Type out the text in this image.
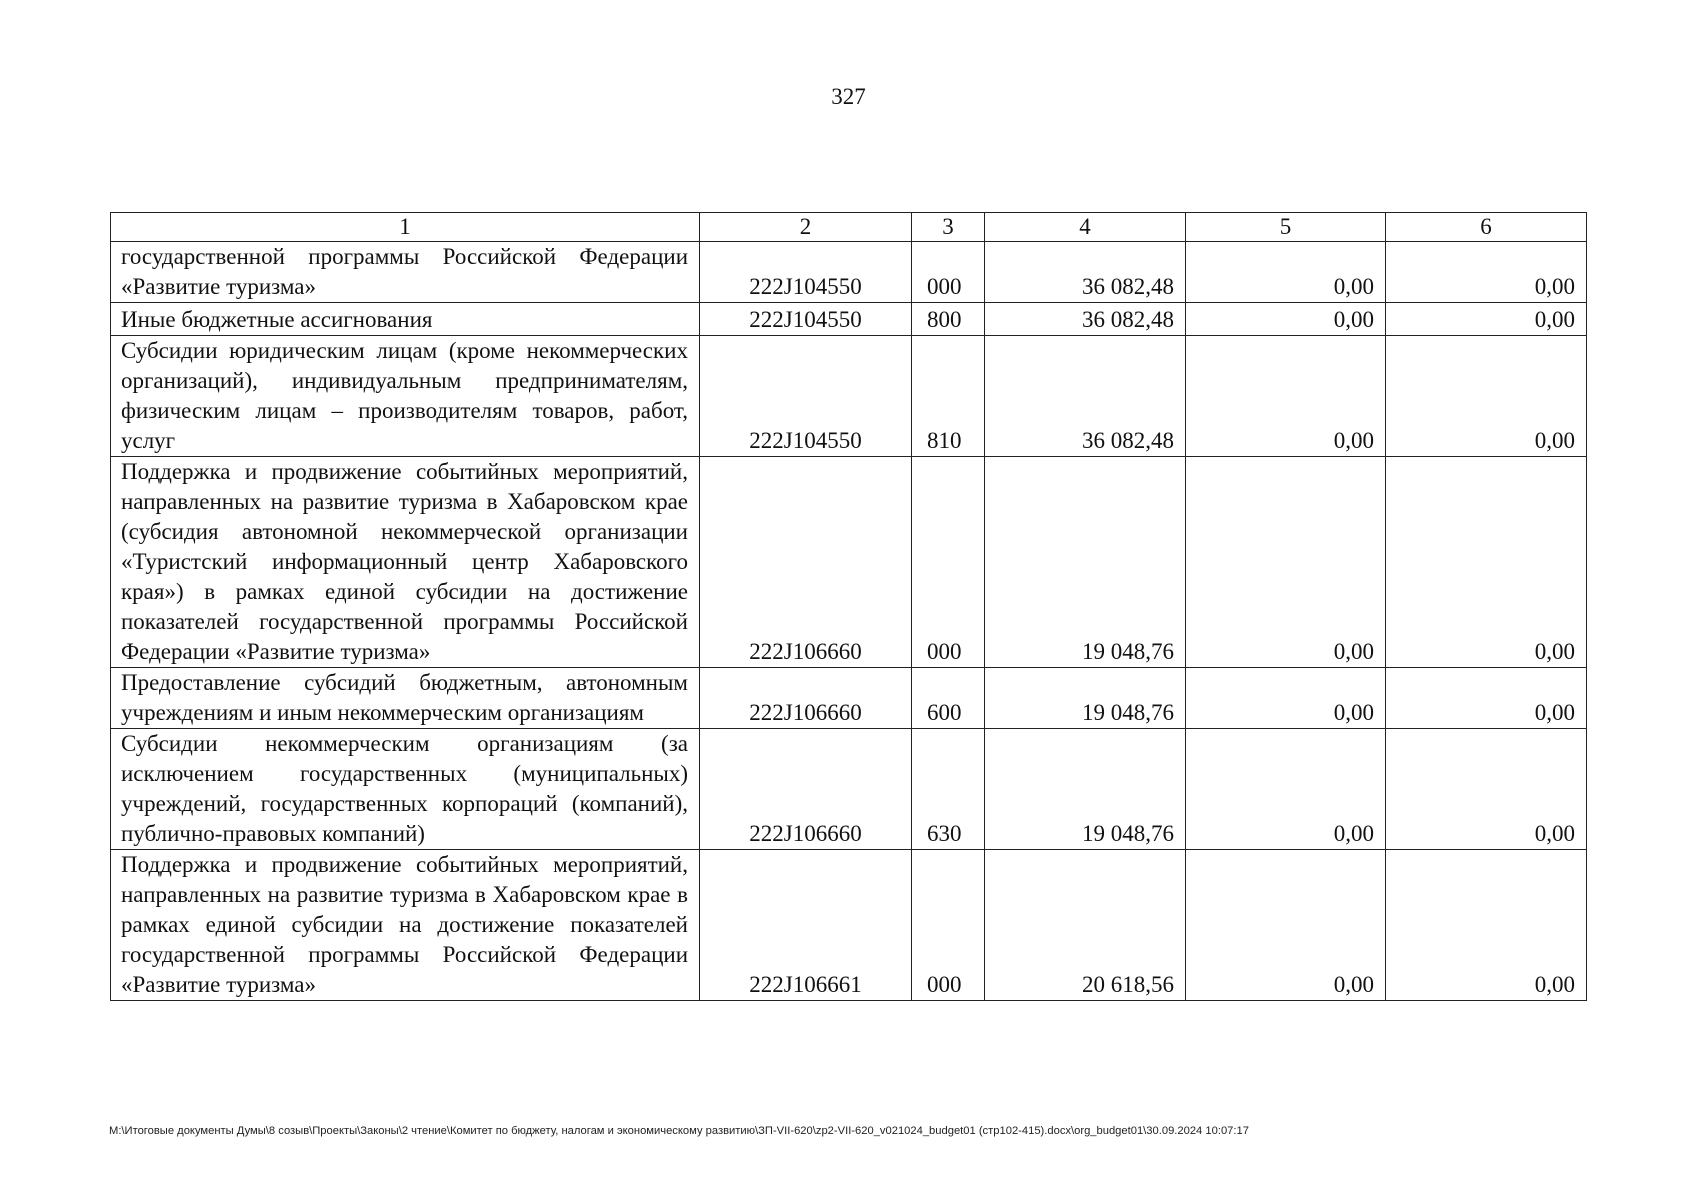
327
1	2	3	4	5	6
государственной программы Российской Федерации «Развитие туризма»	222J104550	000	36 082,48	0,00	0,00
Иные бюджетные ассигнования	222J104550	800	36 082,48	0,00	0,00
Субсидии юридическим лицам (кроме некоммерческих организаций), индивидуальным предпринимателям, физическим лицам – производителям товаров, работ, услуг	222J104550	810	36 082,48	0,00	0,00
Поддержка и продвижение событийных мероприятий, направленных на развитие туризма в Хабаровском крае (субсидия автономной некоммерческой организации «Туристский информационный центр Хабаровского края») в рамках единой субсидии на достижение показателей государственной программы Российской Федерации «Развитие туризма»	222J106660	000	19 048,76	0,00	0,00
Предоставление субсидий бюджетным, автономным учреждениям и иным некоммерческим организациям	222J106660	600	19 048,76	0,00	0,00
Субсидии некоммерческим организациям (за исключением государственных (муниципальных) учреждений, государственных корпораций (компаний), публично-правовых компаний)	222J106660	630	19 048,76	0,00	0,00
Поддержка и продвижение событийных мероприятий, направленных на развитие туризма в Хабаровском крае в рамках единой субсидии на достижение показателей государственной программы Российской Федерации «Развитие туризма»	222J106661	000	20 618,56	0,00	0,00
M:\Итоговые документы Думы\8 созыв\Проекты\Законы\2 чтение\Комитет по бюджету, налогам и экономическому развитию\ЗП-VII-620\zp2-VII-620_v021024_budget01 (стр102-415).docx\org_budget01\30.09.2024 10:07:17
